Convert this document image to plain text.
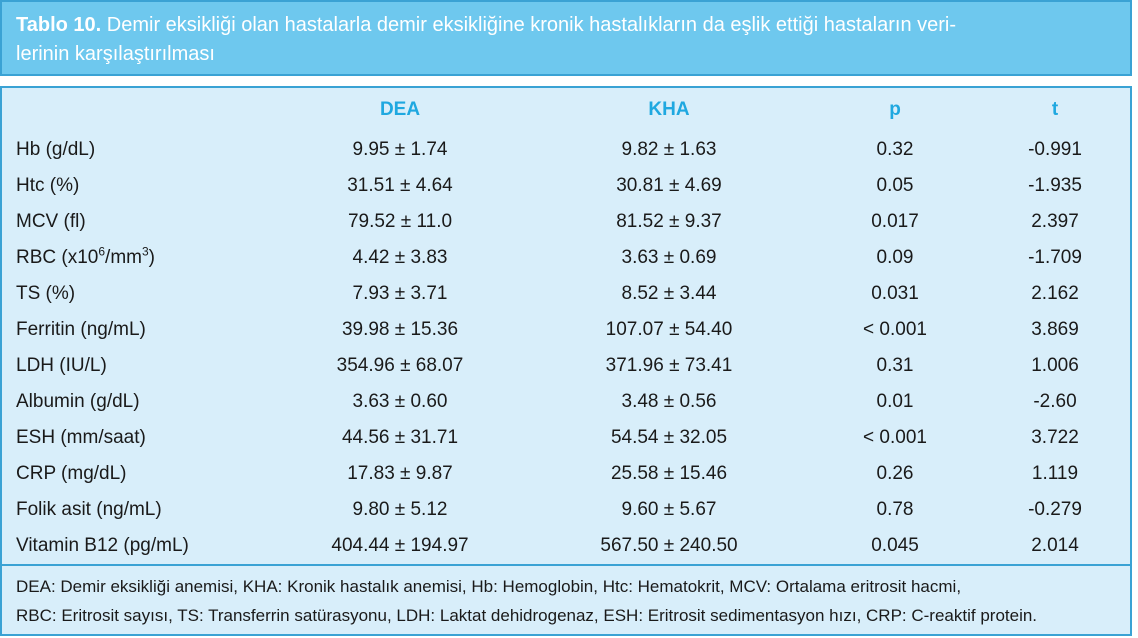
Tablo 10. Demir eksikliği olan hastalarla demir eksikliğine kronik hastalıkların da eşlik ettiği hastaların veri-
lerinin karşılaştırılması
	DEA	KHA	p	t
Hb (g/dL)	9.95 ± 1.74	9.82 ± 1.63	0.32	-0.991
Htc (%)	31.51 ± 4.64	30.81 ± 4.69	0.05	-1.935
MCV (fl)	79.52 ± 11.0	81.52 ± 9.37	0.017	2.397
RBC $(x10^6/mm^3)$	4.42 ± 3.83	3.63 ± 0.69	0.09	-1.709
TS (%)	7.93 ± 3.71	8.52 ± 3.44	0.031	2.162
Ferritin (ng/mL)	39.98 ± 15.36	107.07 ± 54.40	< 0.001	3.869
LDH (IU/L)	354.96 ± 68.07	371.96 ± 73.41	0.31	1.006
Albumin (g/dL)	3.63 ± 0.60	3.48 ± 0.56	0.01	-2.60
ESH (mm/saat)	44.56 ± 31.71	54.54 ± 32.05	< 0.001	3.722
CRP (mg/dL)	17.83 ± 9.87	25.58 ± 15.46	0.26	1.119
Folik asit (ng/mL)	9.80 ± 5.12	9.60 ± 5.67	0.78	-0.279
Vitamin B12 (pg/mL)	404.44 ± 194.97	567.50 ± 240.50	0.045	2.014
DEA: Demir eksikliği anemisi, KHA: Kronik hastalık anemisi, Hb: Hemoglobin, Htc: Hematokrit, MCV: Ortalama eritrosit hacmi,
RBC: Eritrosit sayısı, TS: Transferrin satürasyonu, LDH: Laktat dehidrogenaz, ESH: Eritrosit sedimentasyon hızı, CRP: C-reaktif protein.
